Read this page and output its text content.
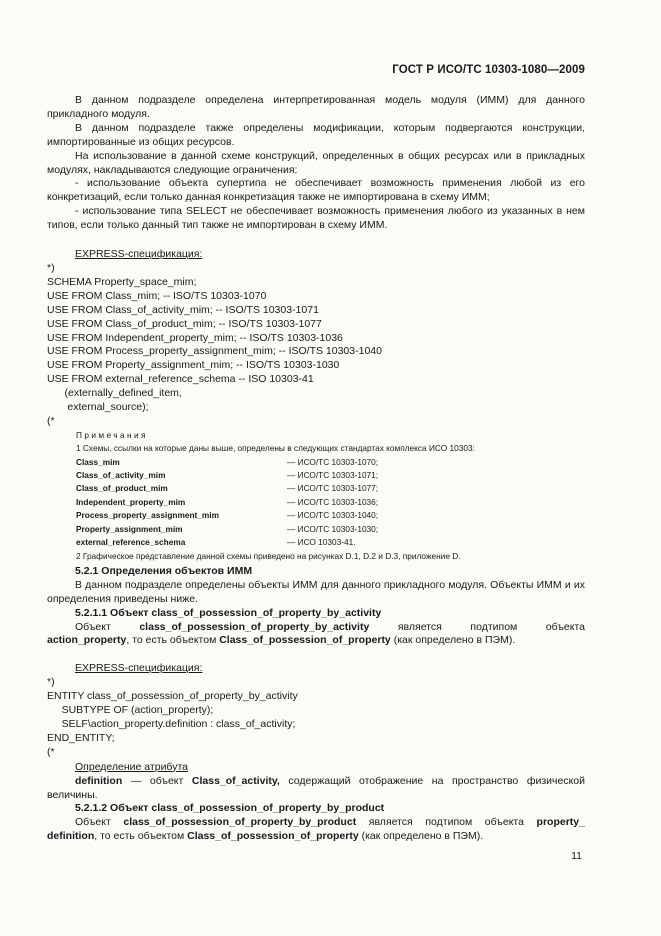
ГОСТ Р ИСО/ТС 10303-1080—2009

В данном подразделе определена интерпретированная модель модуля (ИММ) для данного прикладного модуля.

В данном подразделе также определены модификации, которым подвергаются конструкции, импортированные из общих ресурсов.

На использование в данной схеме конструкций, определенных в общих ресурсах или в прикладных модулях, накладываются следующие ограничения:

- использование объекта супертипа не обеспечивает возможность применения любой из его конкретизаций, если только данная конкретизация также не импортирована в схему ИММ;

- использование типа SELECT не обеспечивает возможность применения любого из указанных в нем типов, если только данный тип также не импортирован в схему ИММ.

EXPRESS-спецификация:

*)
SCHEMA Property_space_mim;
USE FROM Class_mim; -- ISO/TS 10303-1070
USE FROM Class_of_activity_mim; -- ISO/TS 10303-1071
USE FROM Class_of_product_mim; -- ISO/TS 10303-1077
USE FROM Independent_property_mim; -- ISO/TS 10303-1036
USE FROM Process_property_assignment_mim; -- ISO/TS 10303-1040
USE FROM Property_assignment_mim; -- ISO/TS 10303-1030
USE FROM external_reference_schema -- ISO 10303-41
(externally_defined_item,
external_source);
(*
Примечания
1 Схемы, ссылки на которые даны выше, определены в следующих стандартах комплекса ИСО 10303:
Class_mim	— ИСО/ТС 10303-1070;
Class_of_activity_mim	— ИСО/ТС 10303-1071;
Class_of_product_mim	— ИСО/ТС 10303-1077;
Independent_property_mim	— ИСО/ТС 10303-1036;
Process_property_assignment_mim	— ИСО/ТС 10303-1040;
Property_assignment_mim	— ИСО/ТС 10303-1030;
external_reference_schema	— ИСО 10303-41.
2 Графическое представление данной схемы приведено на рисунках D.1, D.2 и D.3, приложение D.
5.2.1 Определения объектов ИММ

В данном подразделе определены объекты ИММ для данного прикладного модуля. Объекты ИММ и их определения приведены ниже.

5.2.1.1 Объект class_of_possession_of_property_by_activity
Объект	class_of_possession_of_property_by_activity	является	подтипом	объекта

action_property, то есть объектом Class_of_possession_of_property (как определено в ПЭМ).

EXPRESS-спецификация:

*)
ENTITY class_of_possession_of_property_by_activity
SUBTYPE OF (action_property);
SELF\action_property.definition : class_of_activity;
END_ENTITY;
(*

Определение атрибута

definition — объект Class_of_activity, содержащий отображение на пространство физической величины.

5.2.1.2 Объект class_of_possession_of_property_by_product

Объект class_of_possession_of_property_by_product является подтипом объекта property_ definition, то есть объектом Class_of_possession_of_property (как определено в ПЭМ).

11
